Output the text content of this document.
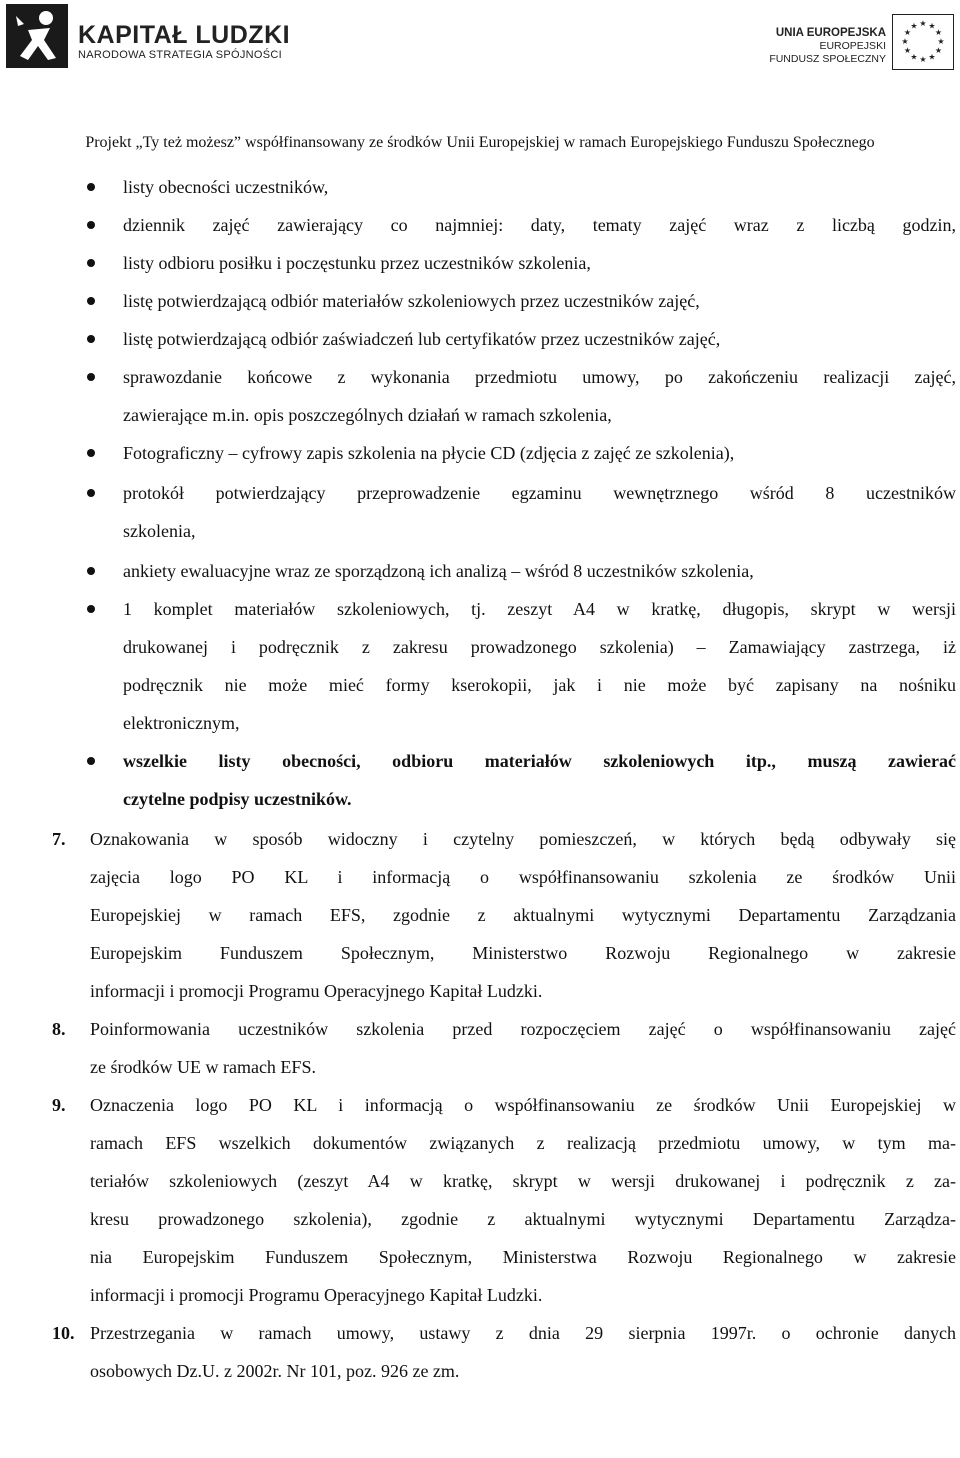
KAPITAŁ LUDZKI
NARODOWA STRATEGIA SPÓJNOŚCI
UNIA EUROPEJSKA
EUROPEJSKI
FUNDUSZ SPOŁECZNY
★ ★
★
★
★
★
★
★
★
★
★
★
Projekt „Ty też możesz” współfinansowany ze środków Unii Europejskiej w ramach Europejskiego Funduszu Społecznego
listy obecności uczestników,
dziennik zajęć zawierający co najmniej: daty, tematy zajęć wraz z liczbą godzin,
listy odbioru posiłku i poczęstunku przez uczestników szkolenia,
listę potwierdzającą odbiór materiałów szkoleniowych przez uczestników zajęć,
listę potwierdzającą odbiór zaświadczeń lub certyfikatów przez uczestników zajęć,
sprawozdanie końcowe z wykonania przedmiotu umowy, po zakończeniu realizacji zajęć,
zawierające m.in. opis poszczególnych działań w ramach szkolenia,
Fotograficzny – cyfrowy zapis szkolenia na płycie CD (zdjęcia z zajęć ze szkolenia),
protokół potwierdzający przeprowadzenie egzaminu wewnętrznego wśród 8 uczestników
szkolenia,
ankiety ewaluacyjne wraz ze sporządzoną ich analizą – wśród 8 uczestników szkolenia,
1 komplet materiałów szkoleniowych, tj. zeszyt A4 w kratkę, długopis, skrypt w wersji
drukowanej i podręcznik z zakresu prowadzonego szkolenia) – Zamawiający zastrzega, iż
podręcznik nie może mieć formy kserokopii, jak i nie może być zapisany na nośniku
elektronicznym,
wszelkie listy obecności, odbioru materiałów szkoleniowych itp., muszą zawierać
czytelne podpisy uczestników.
7. Oznakowania w sposób widoczny i czytelny pomieszczeń, w których będą odbywały się
zajęcia logo PO KL i informacją o współfinansowaniu szkolenia ze środków Unii
Europejskiej w ramach EFS, zgodnie z aktualnymi wytycznymi Departamentu Zarządzania
Europejskim Funduszem Społecznym, Ministerstwo Rozwoju Regionalnego w zakresie
informacji i promocji Programu Operacyjnego Kapitał Ludzki.
8. Poinformowania uczestników szkolenia przed rozpoczęciem zajęć o współfinansowaniu zajęć
ze środków UE w ramach EFS.
9. Oznaczenia logo PO KL i informacją o współfinansowaniu ze środków Unii Europejskiej w
ramach EFS wszelkich dokumentów związanych z realizacją przedmiotu umowy, w tym ma-
teriałów szkoleniowych (zeszyt A4 w kratkę, skrypt w wersji drukowanej i podręcznik z za-
kresu prowadzonego szkolenia), zgodnie z aktualnymi wytycznymi Departamentu Zarządza-
nia Europejskim Funduszem Społecznym, Ministerstwa Rozwoju Regionalnego w zakresie
informacji i promocji Programu Operacyjnego Kapitał Ludzki.
10. Przestrzegania w ramach umowy, ustawy z dnia 29 sierpnia 1997r. o ochronie danych
osobowych Dz.U. z 2002r. Nr 101, poz. 926 ze zm.
